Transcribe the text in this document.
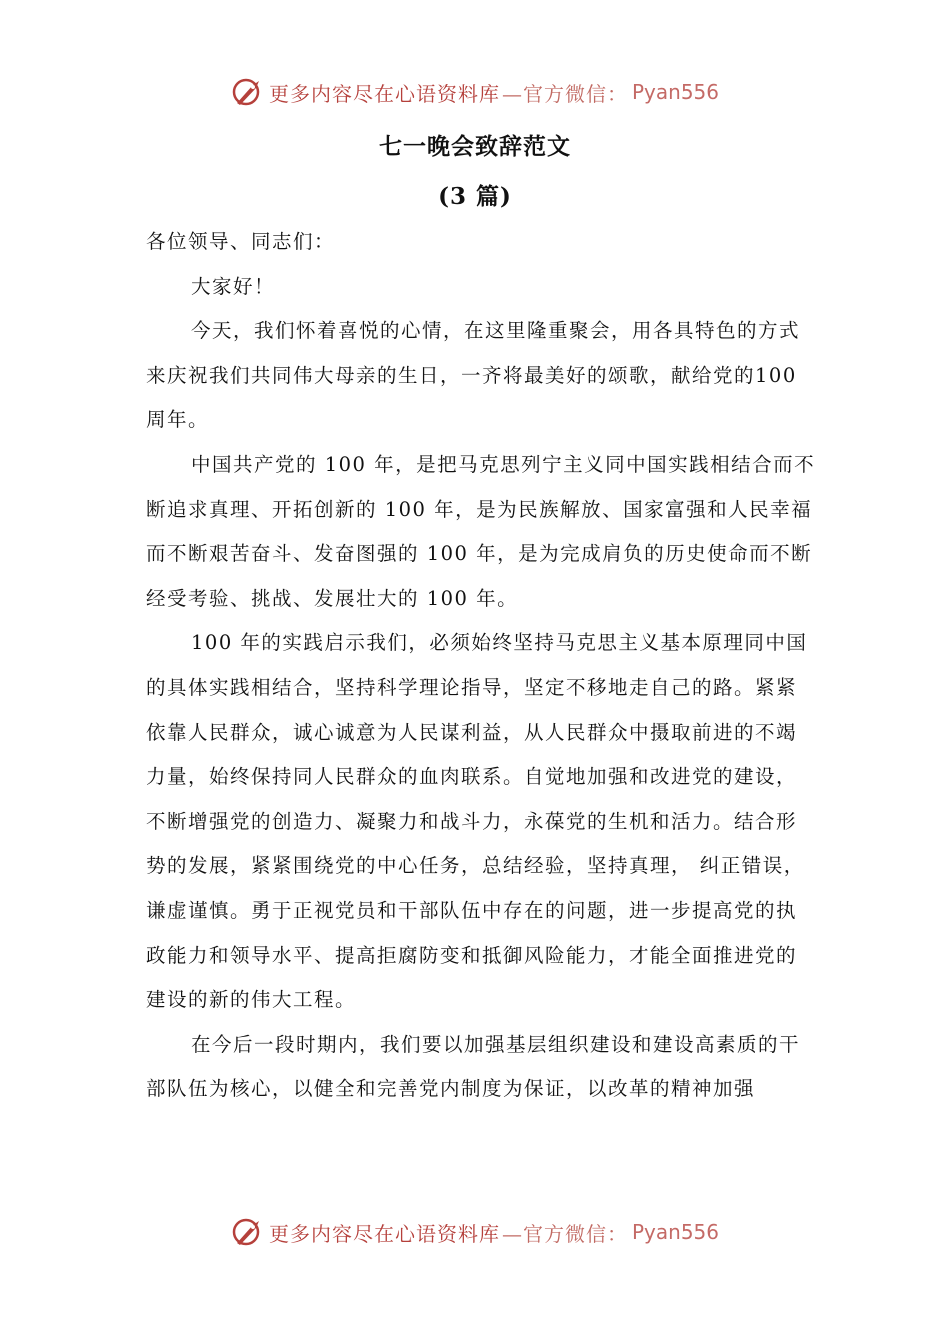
更多内容尽在心语资料库 —官方微信： Pyan556
七一晚会致辞范文
(3 篇)

各位领导、同志们：

大家好！

今天，我们怀着喜悦的心情，在这里隆重聚会，用各具特色的方式来庆祝我们共同伟大母亲的生日，一齐将最美好的颂歌，献给党的100周年。

中国共产党的 100 年，是把马克思列宁主义同中国实践相结合而不断追求真理、开拓创新的 100 年，是为民族解放、国家富强和人民幸福而不断艰苦奋斗、发奋图强的 100 年，是为完成肩负的历史使命而不断经受考验、挑战、发展壮大的 100 年。

100 年的实践启示我们，必须始终坚持马克思主义基本原理同中国的具体实践相结合，坚持科学理论指导，坚定不移地走自己的路。紧紧依靠人民群众，诚心诚意为人民谋利益，从人民群众中摄取前进的不竭力量，始终保持同人民群众的血肉联系。自觉地加强和改进党的建设，不断增强党的创造力、凝聚力和战斗力，永葆党的生机和活力。结合形势的发展，紧紧围绕党的中心任务，总结经验，坚持真理， 纠正错误，谦虚谨慎。勇于正视党员和干部队伍中存在的问题，进一步提高党的执政能力和领导水平、提高拒腐防变和抵御风险能力，才能全面推进党的建设的新的伟大工程。

在今后一段时期内，我们要以加强基层组织建设和建设高素质的干部队伍为核心，以健全和完善党内制度为保证，以改革的精神加强

更多内容尽在心语资料库 —官方微信： Pyan556
